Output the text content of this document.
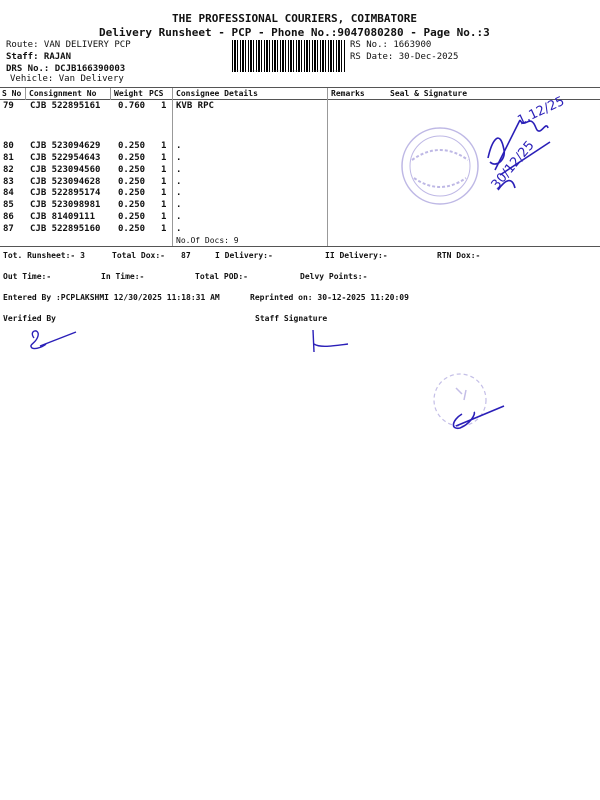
THE PROFESSIONAL COURIERS, COIMBATORE
Delivery Runsheet - PCP - Phone No.:9047080280 - Page No.:3
Route: VAN DELIVERY PCP
Staff: RAJAN
DRS No.: DCJB166390003
Vehicle: Van Delivery
RS No.: 1663900
RS Date: 30-Dec-2025
S No Consignment No Weight PCS Consignee Details	Remarks	Seal & Signature
79 CJB 522895161 0.760 1 KVB RPC
80 CJB 523094629 0.250 1 .
81 CJB 522954643 0.250 1 .
82 CJB 523094560 0.250 1 .
83 CJB 523094628 0.250 1 .
84 CJB 522895174 0.250 1 .
85 CJB 523098981 0.250 1 .
86 CJB 81409111	0.250 1 .
87 CJB 522895160 0.250 1 .
No.Of Docs: 9
Tot. Runsheet:- 3	Total Dox:- 87	I Delivery:-	II Delivery:-	RTN Dox:-
Out Time:-	In Time:-	Total POD:-	Delvy Points:-
Entered By :PCPLAKSHMI 12/30/2025 11:18:31 AM	Reprinted on: 30-12-2025 11:20:09
Verified By	Staff Signature
1.12/25
30/12/25
